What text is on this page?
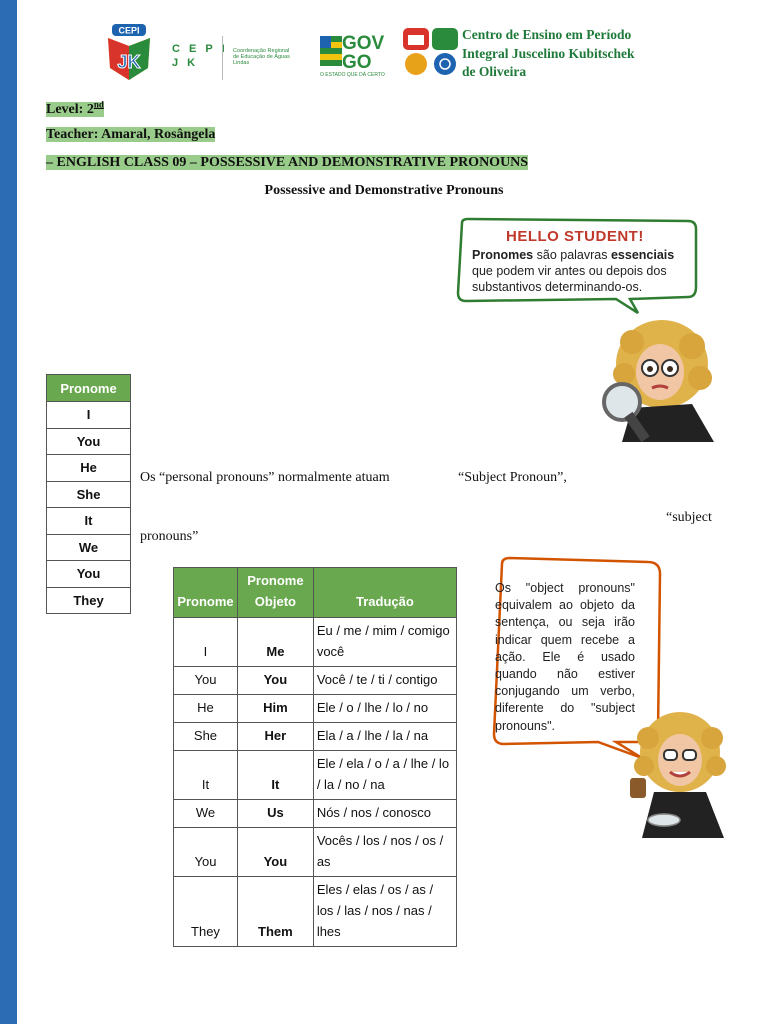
CEPI
JK
C E P I
J K
Coordenação Regional de Educação de Águas Lindas
GOV GO
O ESTADO QUE DÁ CERTO
Centro de Ensino em Período
Integral Juscelino Kubitschek
de Oliveira
Level: 2nd
Teacher: Amaral, Rosângela
– ENGLISH CLASS 09 – POSSESSIVE AND DEMONSTRATIVE PRONOUNS
Possessive and Demonstrative Pronouns
HELLO STUDENT!
Pronomes são palavras essenciais que podem vir antes ou depois dos substantivos determinando-os.
Pronome
I
You
He
She
It
We
You
They
Os “personal pronouns” normalmente atuam	“Subject Pronoun”,
“subject
pronouns”
Pronome	Pronome Objeto	Tradução
I	Me	Eu / me / mim / comigo você
You	You	Você / te / ti / contigo
He	Him	Ele / o / lhe / lo / no
She	Her	Ela / a / lhe / la / na
It	It	Ele / ela / o / a / lhe / lo / la / no / na
We	Us	Nós / nos / conosco
You	You	Vocês / los / nos / os / as
They	Them	Eles / elas / os / as / los / las / nos / nas / lhes
Os "object pronouns" equivalem ao objeto da sentença, ou seja irão indicar quem recebe a ação. Ele é usado quando não estiver conjugando um verbo, diferente do "subject pronouns".
